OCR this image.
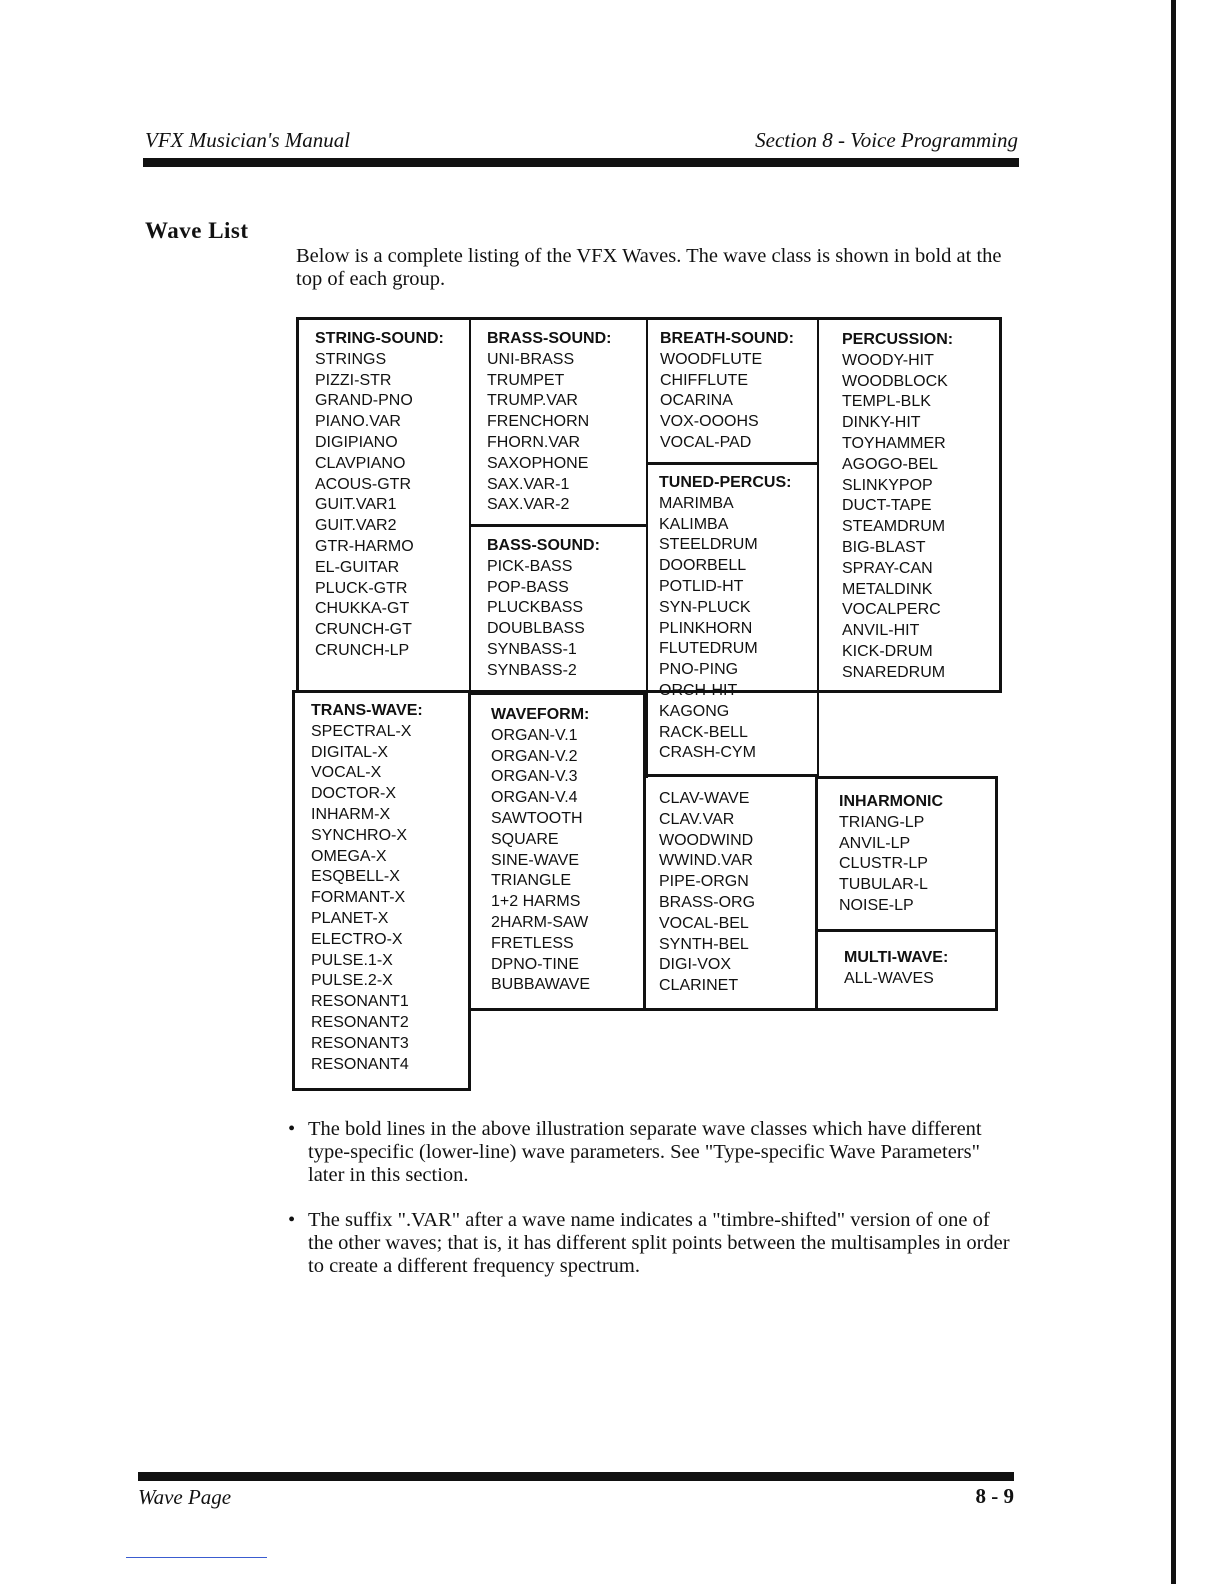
VFX Musician's Manual	Section 8 - Voice Programming
Wave List
Below is a complete listing of the VFX Waves. The wave class is shown in bold at the top of each group.
STRING-SOUND:
STRINGS
PIZZI-STR
GRAND-PNO
PIANO.VAR
DIGIPIANO
CLAVPIANO
ACOUS-GTR
GUIT.VAR1
GUIT.VAR2
GTR-HARMO
EL-GUITAR
PLUCK-GTR
CHUKKA-GT
CRUNCH-GT
CRUNCH-LP
BRASS-SOUND:
UNI-BRASS
TRUMPET
TRUMP.VAR
FRENCHORN
FHORN.VAR
SAXOPHONE
SAX.VAR-1
SAX.VAR-2
BASS-SOUND:
PICK-BASS
POP-BASS
PLUCKBASS
DOUBLBASS
SYNBASS-1
SYNBASS-2
BREATH-SOUND:
WOODFLUTE
CHIFFLUTE
OCARINA
VOX-OOOHS
VOCAL-PAD
TUNED-PERCUS:
MARIMBA
KALIMBA
STEELDRUM
DOORBELL
POTLID-HT
SYN-PLUCK
PLINKHORN
FLUTEDRUM
PNO-PING
ORCH-HIT
KAGONG
RACK-BELL
CRASH-CYM
PERCUSSION:
WOODY-HIT
WOODBLOCK
TEMPL-BLK
DINKY-HIT
TOYHAMMER
AGOGO-BEL
SLINKYPOP
DUCT-TAPE
STEAMDRUM
BIG-BLAST
SPRAY-CAN
METALDINK
VOCALPERC
ANVIL-HIT
KICK-DRUM
SNAREDRUM
TRANS-WAVE:
SPECTRAL-X
DIGITAL-X
VOCAL-X
DOCTOR-X
INHARM-X
SYNCHRO-X
OMEGA-X
ESQBELL-X
FORMANT-X
PLANET-X
ELECTRO-X
PULSE.1-X
PULSE.2-X
RESONANT1
RESONANT2
RESONANT3
RESONANT4
WAVEFORM:
ORGAN-V.1
ORGAN-V.2
ORGAN-V.3
ORGAN-V.4
SAWTOOTH
SQUARE
SINE-WAVE
TRIANGLE
1+2 HARMS
2HARM-SAW
FRETLESS
DPNO-TINE
BUBBAWAVE
CLAV-WAVE
CLAV.VAR
WOODWIND
WWIND.VAR
PIPE-ORGN
BRASS-ORG
VOCAL-BEL
SYNTH-BEL
DIGI-VOX
CLARINET
INHARMONIC
TRIANG-LP
ANVIL-LP
CLUSTR-LP
TUBULAR-L
NOISE-LP
MULTI-WAVE:
ALL-WAVES
• The bold lines in the above illustration separate wave classes which have different type-specific (lower-line) wave parameters. See "Type-specific Wave Parameters" later in this section.
• The suffix ".VAR" after a wave name indicates a "timbre-shifted" version of one of the other waves; that is, it has different split points between the multisamples in order to create a different frequency spectrum.
Wave Page	8 - 9
